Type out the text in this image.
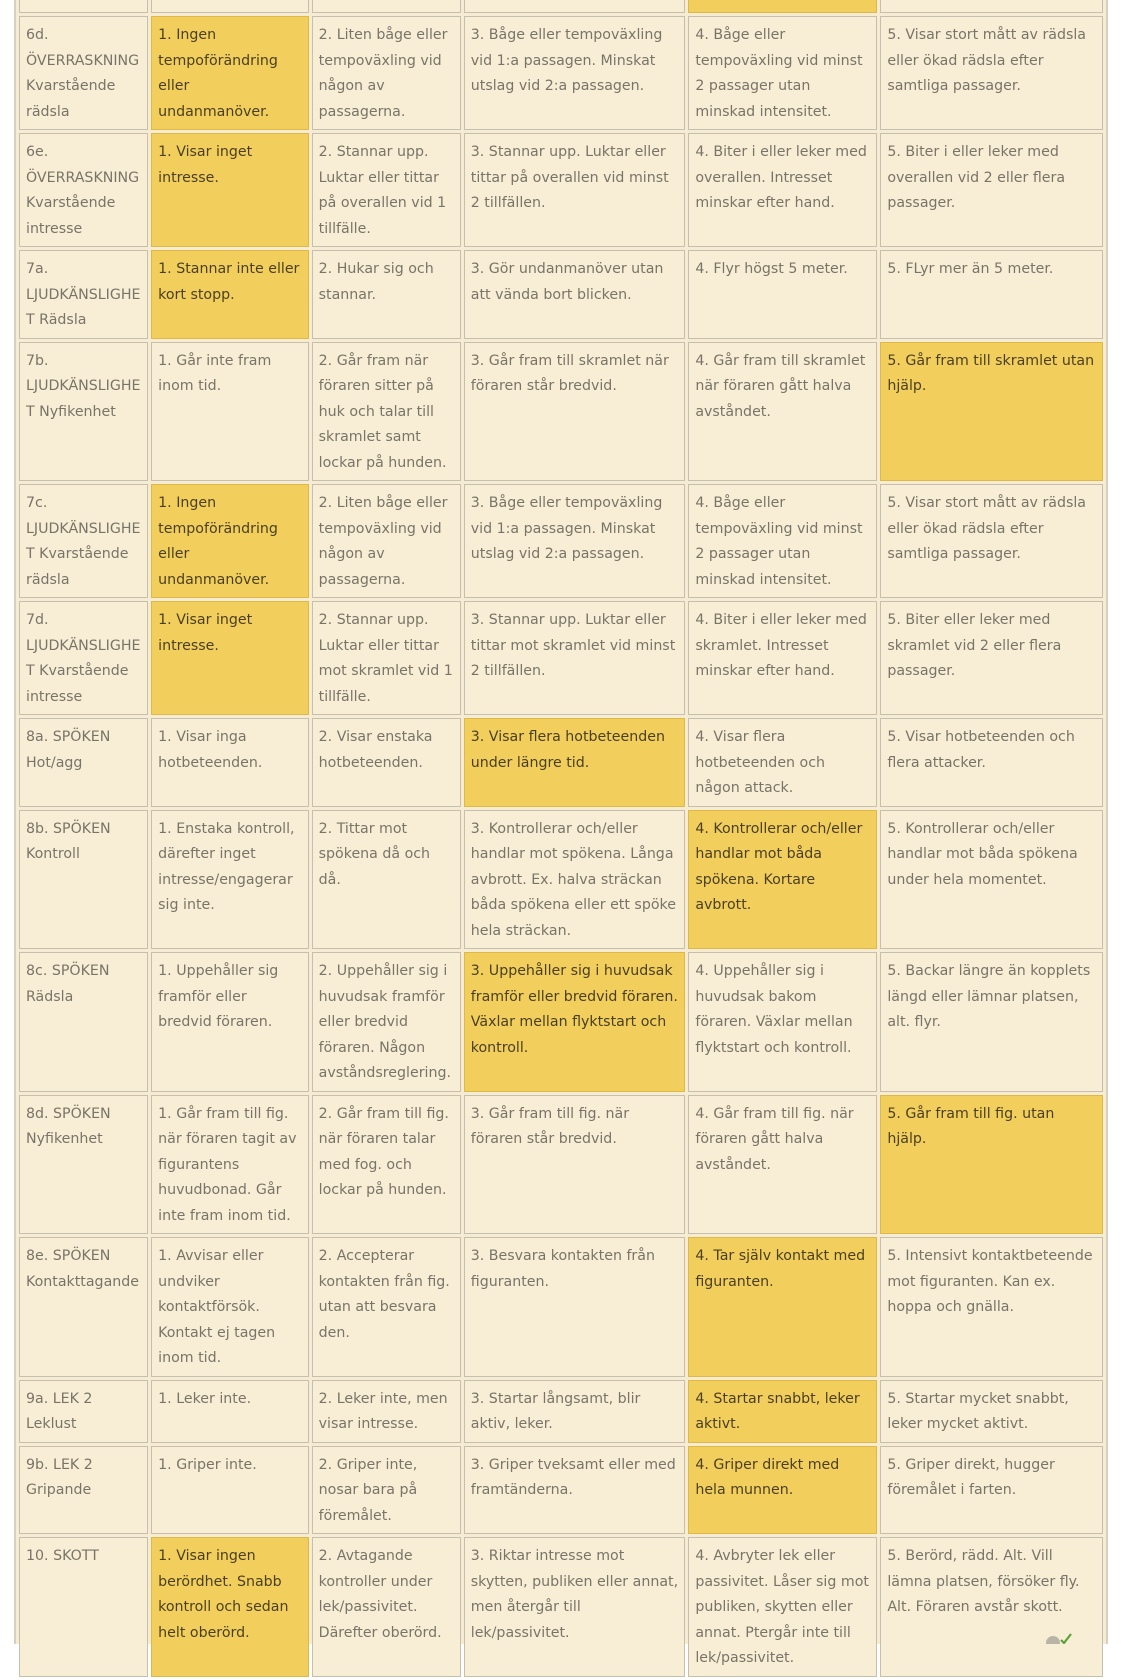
6d. ÖVERRASKNING Kvarstående rädsla	1. Ingen tempoförändring eller undanmanöver.	2. Liten båge eller tempoväxling vid någon av passagerna.	3. Båge eller tempoväxling vid 1:a passagen. Minskat utslag vid 2:a passagen.	4. Båge eller tempoväxling vid minst 2 passager utan minskad intensitet.	5. Visar stort mått av rädsla eller ökad rädsla efter samtliga passager.
6e. ÖVERRASKNING Kvarstående intresse	1. Visar inget intresse.	2. Stannar upp. Luktar eller tittar på overallen vid 1 tillfälle.	3. Stannar upp. Luktar eller tittar på overallen vid minst 2 tillfällen.	4. Biter i eller leker med overallen. Intresset minskar efter hand.	5. Biter i eller leker med overallen vid 2 eller flera passager.
7a. LJUDKÄNSLIGHET Rädsla	1. Stannar inte eller kort stopp.	2. Hukar sig och stannar.	3. Gör undanmanöver utan att vända bort blicken.	4. Flyr högst 5 meter.	5. FLyr mer än 5 meter.
7b. LJUDKÄNSLIGHET Nyfikenhet	1. Går inte fram inom tid.	2. Går fram när föraren sitter på huk och talar till skramlet samt lockar på hunden.	3. Går fram till skramlet när föraren står bredvid.	4. Går fram till skramlet när föraren gått halva avståndet.	5. Går fram till skramlet utan hjälp.
7c. LJUDKÄNSLIGHET Kvarstående rädsla	1. Ingen tempoförändring eller undanmanöver.	2. Liten båge eller tempoväxling vid någon av passagerna.	3. Båge eller tempoväxling vid 1:a passagen. Minskat utslag vid 2:a passagen.	4. Båge eller tempoväxling vid minst 2 passager utan minskad intensitet.	5. Visar stort mått av rädsla eller ökad rädsla efter samtliga passager.
7d. LJUDKÄNSLIGHET Kvarstående intresse	1. Visar inget intresse.	2. Stannar upp. Luktar eller tittar mot skramlet vid 1 tillfälle.	3. Stannar upp. Luktar eller tittar mot skramlet vid minst 2 tillfällen.	4. Biter i eller leker med skramlet. Intresset minskar efter hand.	5. Biter eller leker med skramlet vid 2 eller flera passager.
8a. SPÖKEN Hot/agg	1. Visar inga hotbeteenden.	2. Visar enstaka hotbeteenden.	3. Visar flera hotbeteenden under längre tid.	4. Visar flera hotbeteenden och någon attack.	5. Visar hotbeteenden och flera attacker.
8b. SPÖKEN Kontroll	1. Enstaka kontroll, därefter inget intresse/engagerar sig inte.	2. Tittar mot spökena då och då.	3. Kontrollerar och/eller handlar mot spökena. Långa avbrott. Ex. halva sträckan båda spökena eller ett spöke hela sträckan.	4. Kontrollerar och/eller handlar mot båda spökena. Kortare avbrott.	5. Kontrollerar och/eller handlar mot båda spökena under hela momentet.
8c. SPÖKEN Rädsla	1. Uppehåller sig framför eller bredvid föraren.	2. Uppehåller sig i huvudsak framför eller bredvid föraren. Någon avståndsreglering.	3. Uppehåller sig i huvudsak framför eller bredvid föraren. Växlar mellan flyktstart och kontroll.	4. Uppehåller sig i huvudsak bakom föraren. Växlar mellan flyktstart och kontroll.	5. Backar längre än kopplets längd eller lämnar platsen, alt. flyr.
8d. SPÖKEN Nyfikenhet	1. Går fram till fig. när föraren tagit av figurantens huvudbonad. Går inte fram inom tid.	2. Går fram till fig. när föraren talar med fog. och lockar på hunden.	3. Går fram till fig. när föraren står bredvid.	4. Går fram till fig. när föraren gått halva avståndet.	5. Går fram till fig. utan hjälp.
8e. SPÖKEN Kontakttagande	1. Avvisar eller undviker kontaktförsök. Kontakt ej tagen inom tid.	2. Accepterar kontakten från fig. utan att besvara den.	3. Besvara kontakten från figuranten.	4. Tar själv kontakt med figuranten.	5. Intensivt kontaktbeteende mot figuranten. Kan ex. hoppa och gnälla.
9a. LEK 2 Leklust	1. Leker inte.	2. Leker inte, men visar intresse.	3. Startar långsamt, blir aktiv, leker.	4. Startar snabbt, leker aktivt.	5. Startar mycket snabbt, leker mycket aktivt.
9b. LEK 2 Gripande	1. Griper inte.	2. Griper inte, nosar bara på föremålet.	3. Griper tveksamt eller med framtänderna.	4. Griper direkt med hela munnen.	5. Griper direkt, hugger föremålet i farten.
10. SKOTT	1. Visar ingen berördhet. Snabb kontroll och sedan helt oberörd.	2. Avtagande kontroller under lek/passivitet. Därefter oberörd.	3. Riktar intresse mot skytten, publiken eller annat, men återgår till lek/passivitet.	4. Avbryter lek eller passivitet. Låser sig mot publiken, skytten eller annat. Ptergår inte till lek/passivitet.	5. Berörd, rädd. Alt. Vill lämna platsen, försöker fly. Alt. Föraren avstår skott.
